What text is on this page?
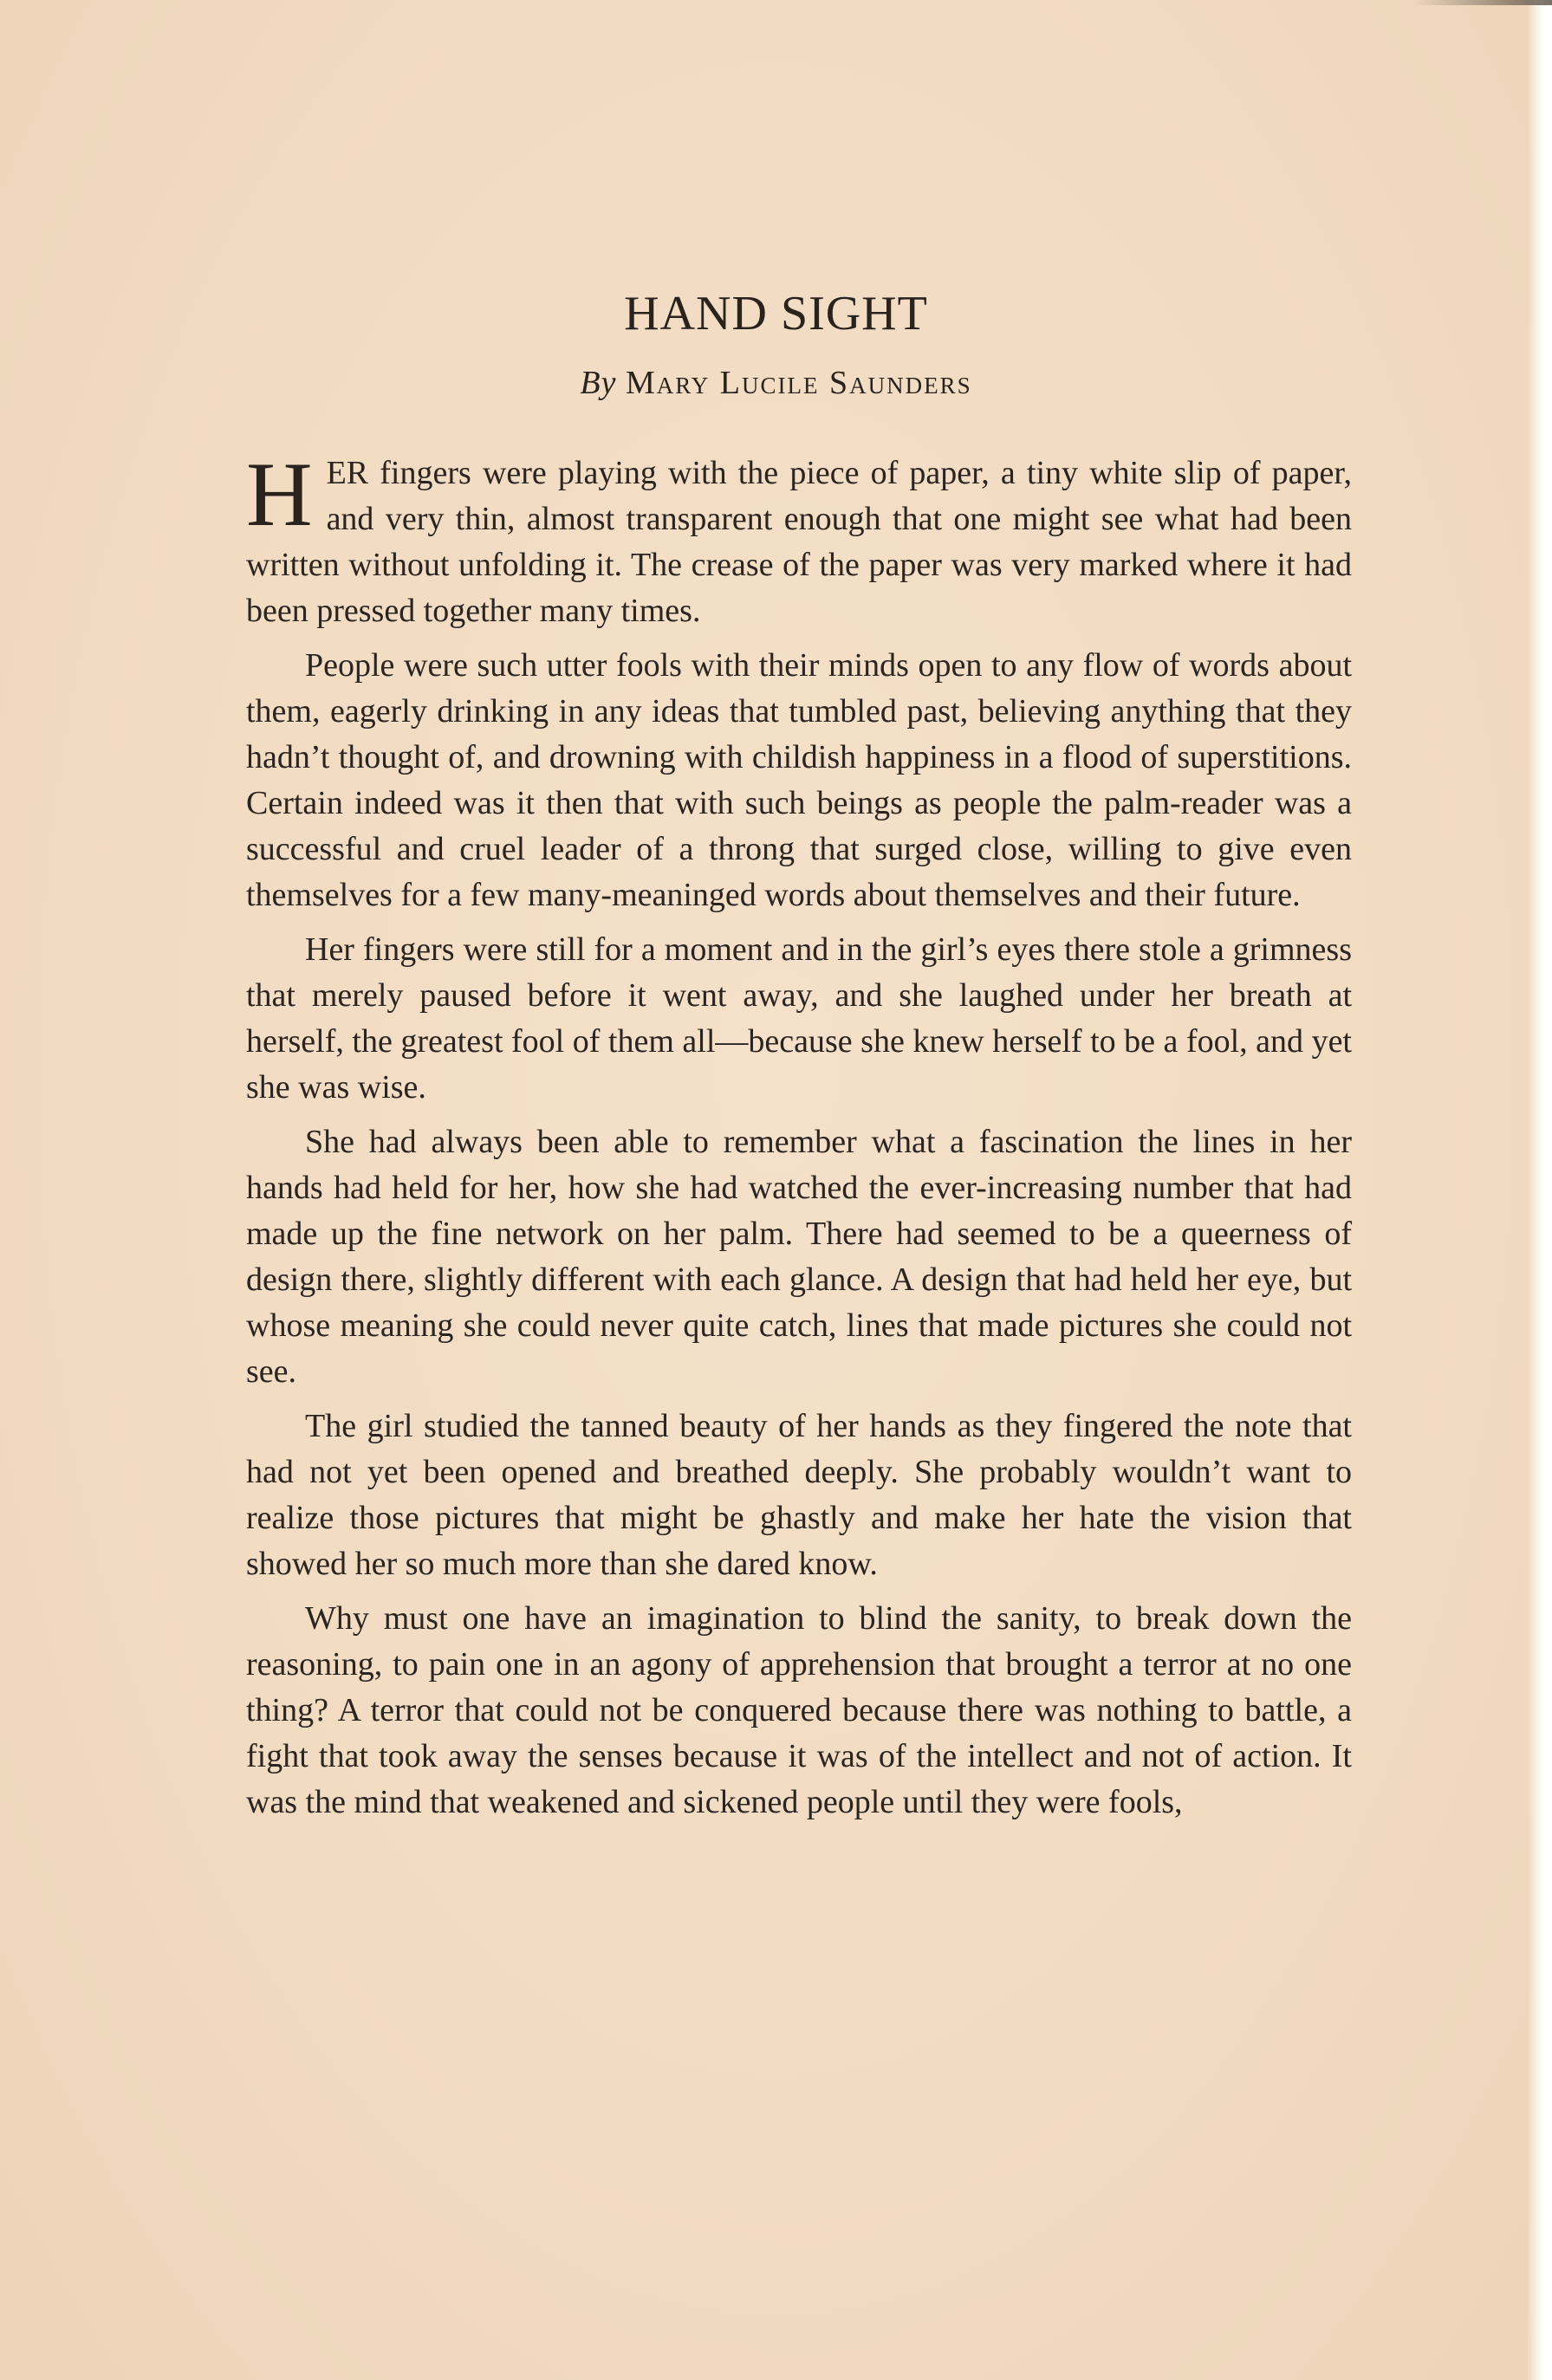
HAND SIGHT
By Mary Lucile Saunders

HER fingers were playing with the piece of paper, a tiny white slip of paper, and very thin, almost transparent enough that one might see what had been written without unfolding it. The crease of the paper was very marked where it had been pressed together many times.

People were such utter fools with their minds open to any flow of words about them, eagerly drinking in any ideas that tumbled past, believing anything that they hadn’t thought of, and drowning with childish happiness in a flood of superstitions. Certain indeed was it then that with such beings as people the palm-reader was a successful and cruel leader of a throng that surged close, willing to give even themselves for a few many-meaninged words about themselves and their future.

Her fingers were still for a moment and in the girl’s eyes there stole a grimness that merely paused before it went away, and she laughed under her breath at herself, the greatest fool of them all—because she knew herself to be a fool, and yet she was wise.

She had always been able to remember what a fascination the lines in her hands had held for her, how she had watched the ever-increasing number that had made up the fine network on her palm. There had seemed to be a queerness of design there, slightly different with each glance. A design that had held her eye, but whose meaning she could never quite catch, lines that made pictures she could not see.

The girl studied the tanned beauty of her hands as they fingered the note that had not yet been opened and breathed deeply. She probably wouldn’t want to realize those pictures that might be ghastly and make her hate the vision that showed her so much more than she dared know.

Why must one have an imagination to blind the sanity, to break down the reasoning, to pain one in an agony of apprehension that brought a terror at no one thing? A terror that could not be conquered because there was nothing to battle, a fight that took away the senses because it was of the intellect and not of action. It was the mind that weakened and sickened people until they were fools,
